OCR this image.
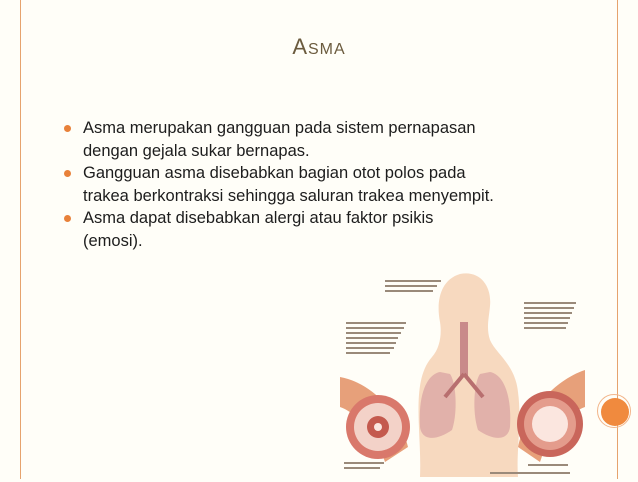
ASMA
Asma merupakan gangguan pada sistem pernapasan
dengan gejala sukar bernapas.
Gangguan asma disebabkan bagian otot polos pada
trakea berkontraksi sehingga saluran trakea menyempit.
Asma dapat disebabkan alergi atau faktor psikis
(emosi).
